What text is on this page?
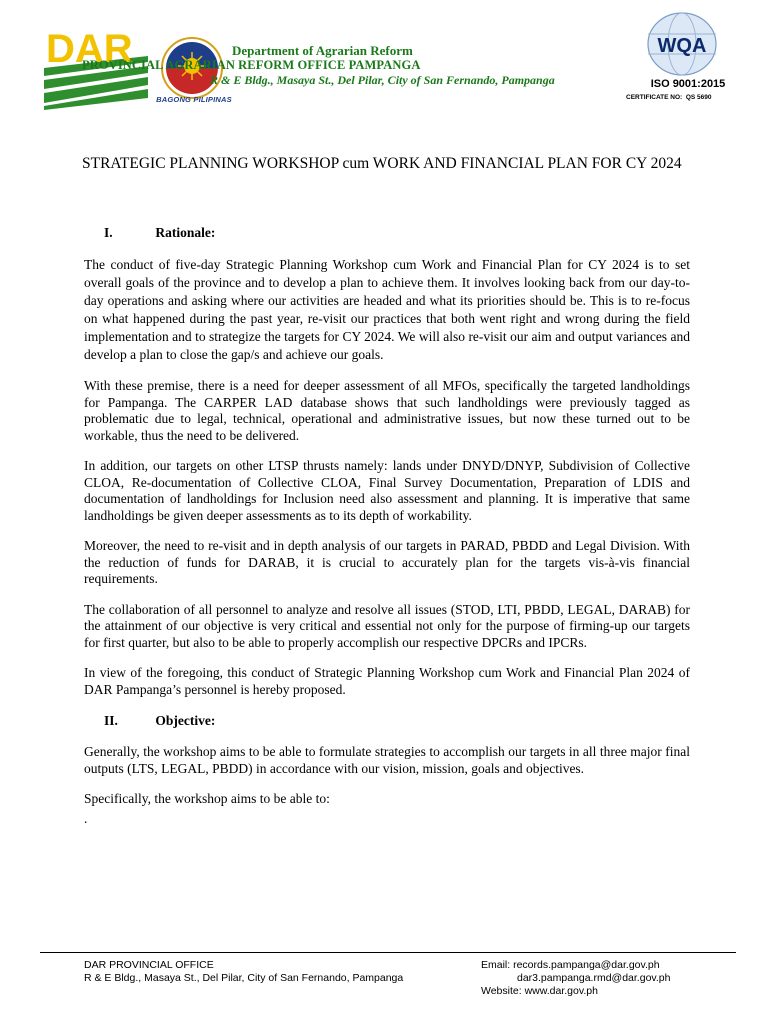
DAR
BAGONG PILIPINAS
Department of Agrarian Reform
PROVINCIAL AGRARIAN REFORM OFFICE PAMPANGA
R & E Bldg., Masaya St., Del Pilar, City of San Fernando, Pampanga
WQA
ISO 9001:2015
CERTIFICATE NO: QS 5690
STRATEGIC PLANNING WORKSHOP cum WORK AND FINANCIAL PLAN FOR CY 2024
I.	Rationale:

The conduct of five-day Strategic Planning Workshop cum Work and Financial Plan for CY 2024 is to set overall goals of the province and to develop a plan to achieve them. It involves looking back from our day-to-day operations and asking where our activities are headed and what its priorities should be. This is to re-focus on what happened during the past year, re-visit our practices that both went right and wrong during the field implementation and to strategize the targets for CY 2024. We will also re-visit our aim and output variances and develop a plan to close the gap/s and achieve our goals.

With these premise, there is a need for deeper assessment of all MFOs, specifically the targeted landholdings for Pampanga. The CARPER LAD database shows that such landholdings were previously tagged as problematic due to legal, technical, operational and administrative issues, but now these turned out to be workable, thus the need to be delivered.

In addition, our targets on other LTSP thrusts namely: lands under DNYD/DNYP, Subdivision of Collective CLOA, Re-documentation of Collective CLOA, Final Survey Documentation, Preparation of LDIS and documentation of landholdings for Inclusion need also assessment and planning. It is imperative that same landholdings be given deeper assessments as to its depth of workability.

Moreover, the need to re-visit and in depth analysis of our targets in PARAD, PBDD and Legal Division. With the reduction of funds for DARAB, it is crucial to accurately plan for the targets vis-à-vis financial requirements.

The collaboration of all personnel to analyze and resolve all issues (STOD, LTI, PBDD, LEGAL, DARAB) for the attainment of our objective is very critical and essential not only for the purpose of firming-up our targets for first quarter, but also to be able to properly accomplish our respective DPCRs and IPCRs.

In view of the foregoing, this conduct of Strategic Planning Workshop cum Work and Financial Plan 2024 of DAR Pampanga’s personnel is hereby proposed.

II.	Objective:

Generally, the workshop aims to be able to formulate strategies to accomplish our targets in all three major final outputs (LTS, LEGAL, PBDD) in accordance with our vision, mission, goals and objectives.

Specifically, the workshop aims to be able to:

.
DAR PROVINCIAL OFFICE
R & E Bldg., Masaya St., Del Pilar, City of San Fernando, Pampanga
Email: records.pampanga@dar.gov.ph
dar3.pampanga.rmd@dar.gov.ph
Website: www.dar.gov.ph
